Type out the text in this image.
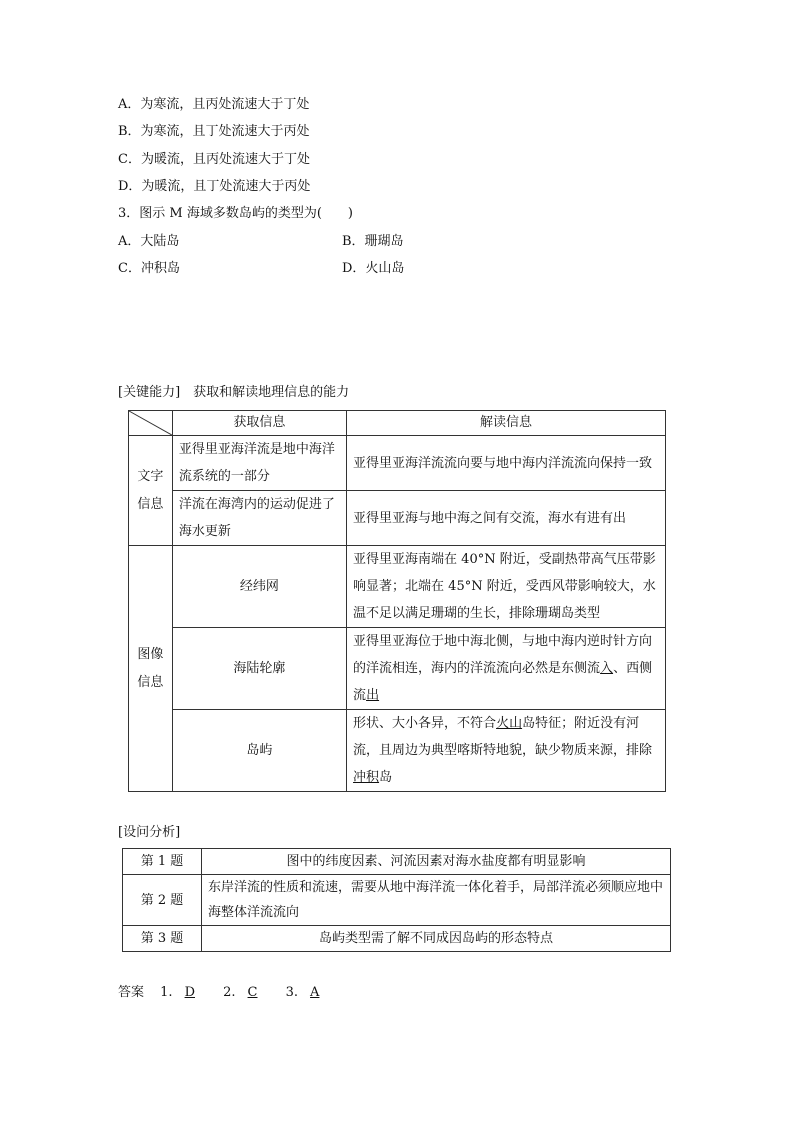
A．为寒流，且丙处流速大于丁处
B．为寒流，且丁处流速大于丙处
C．为暖流，且丙处流速大于丁处
D．为暖流，且丁处流速大于丙处
3．图示 M 海域多数岛屿的类型为(　　)
A．大陆岛	B．珊瑚岛
C．冲积岛	D．火山岛
[关键能力]　获取和解读地理信息的能力
	获取信息	解读信息

文字
信息	亚得里亚海洋流是地中海洋流系统的一部分	亚得里亚海洋流流向要与地中海内洋流流向保持一致
	洋流在海湾内的运动促进了海水更新	亚得里亚海与地中海之间有交流，海水有进有出

图像
信息	经纬网	亚得里亚海南端在 40°N 附近，受副热带高气压带影响显著；北端在 45°N 附近，受西风带影响较大，水温不足以满足珊瑚的生长，排除珊瑚岛类型
	海陆轮廓	亚得里亚海位于地中海北侧，与地中海内逆时针方向的洋流相连，海内的洋流流向必然是东侧流入、西侧流出
	岛屿	形状、大小各异，不符合火山岛特征；附近没有河流，且周边为典型喀斯特地貌，缺少物质来源，排除冲积岛
[设问分析]
第 1 题	图中的纬度因素、河流因素对海水盐度都有明显影响
第 2 题	东岸洋流的性质和流速，需要从地中海洋流一体化着手，局部洋流必须顺应地中海整体洋流流向
第 3 题	岛屿类型需了解不同成因岛屿的形态特点
答案 1. D 2. C 3. A
